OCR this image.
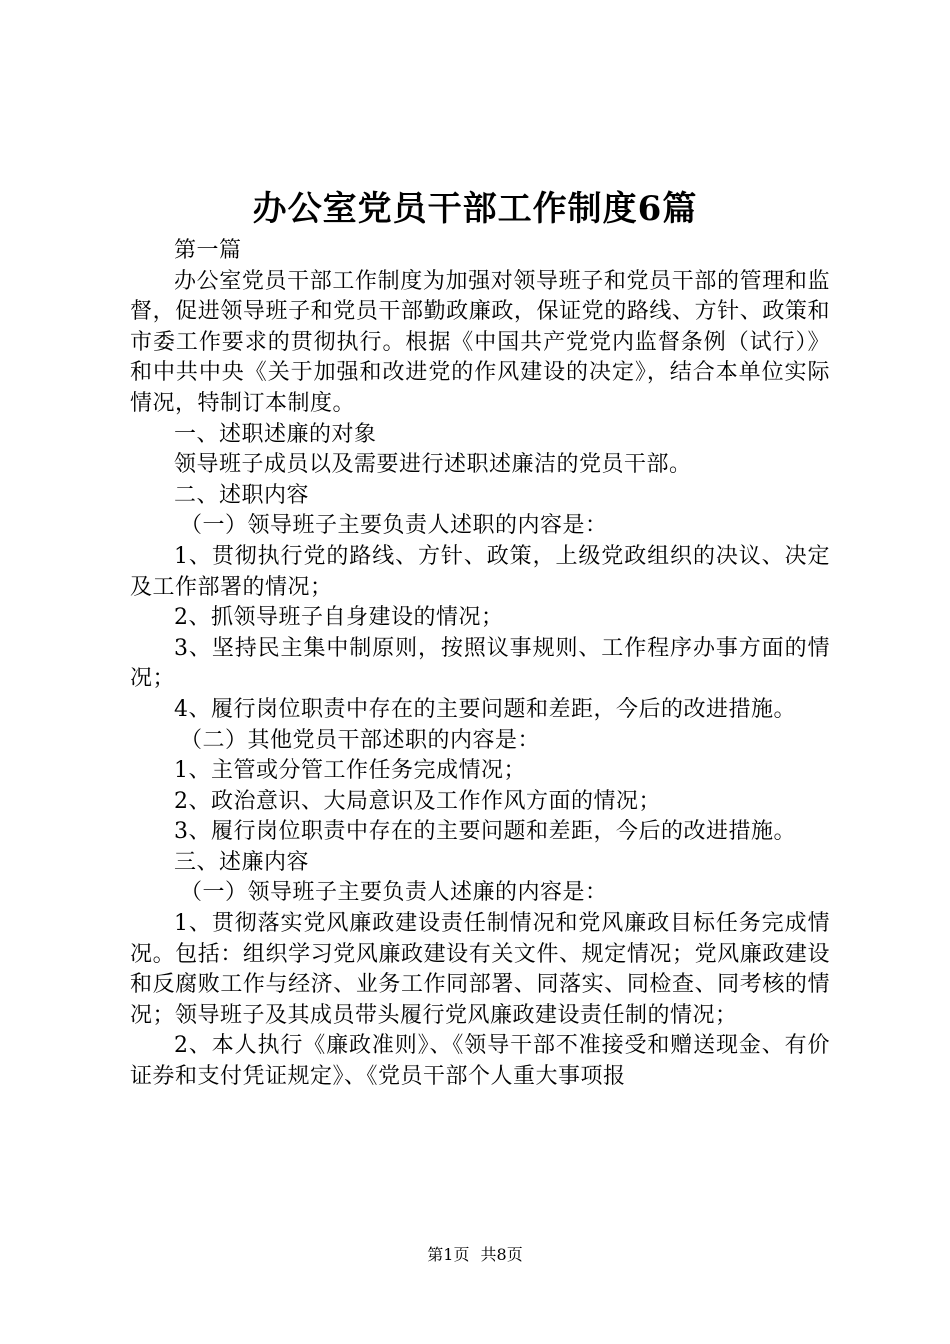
办公室党员干部工作制度6篇

第一篇

办公室党员干部工作制度为加强对领导班子和党员干部的管理和监督，促进领导班子和党员干部勤政廉政，保证党的路线、方针、政策和市委工作要求的贯彻执行。根据《中国共产党党内监督条例（试行）》和中共中央《关于加强和改进党的作风建设的决定》，结合本单位实际情况，特制订本制度。

一、述职述廉的对象

领导班子成员以及需要进行述职述廉洁的党员干部。

二、述职内容

（一）领导班子主要负责人述职的内容是：

1、贯彻执行党的路线、方针、政策，上级党政组织的决议、决定及工作部署的情况；

2、抓领导班子自身建设的情况；

3、坚持民主集中制原则，按照议事规则、工作程序办事方面的情况；

4、履行岗位职责中存在的主要问题和差距，今后的改进措施。

（二）其他党员干部述职的内容是：

1、主管或分管工作任务完成情况；

2、政治意识、大局意识及工作作风方面的情况；

3、履行岗位职责中存在的主要问题和差距，今后的改进措施。

三、述廉内容

（一）领导班子主要负责人述廉的内容是：

1、贯彻落实党风廉政建设责任制情况和党风廉政目标任务完成情况。包括：组织学习党风廉政建设有关文件、规定情况；党风廉政建设和反腐败工作与经济、业务工作同部署、同落实、同检查、同考核的情况；领导班子及其成员带头履行党风廉政建设责任制的情况；

2、本人执行《廉政准则》、《领导干部不准接受和赠送现金、有价证券和支付凭证规定》、《党员干部个人重大事项报

第1页 共8页
